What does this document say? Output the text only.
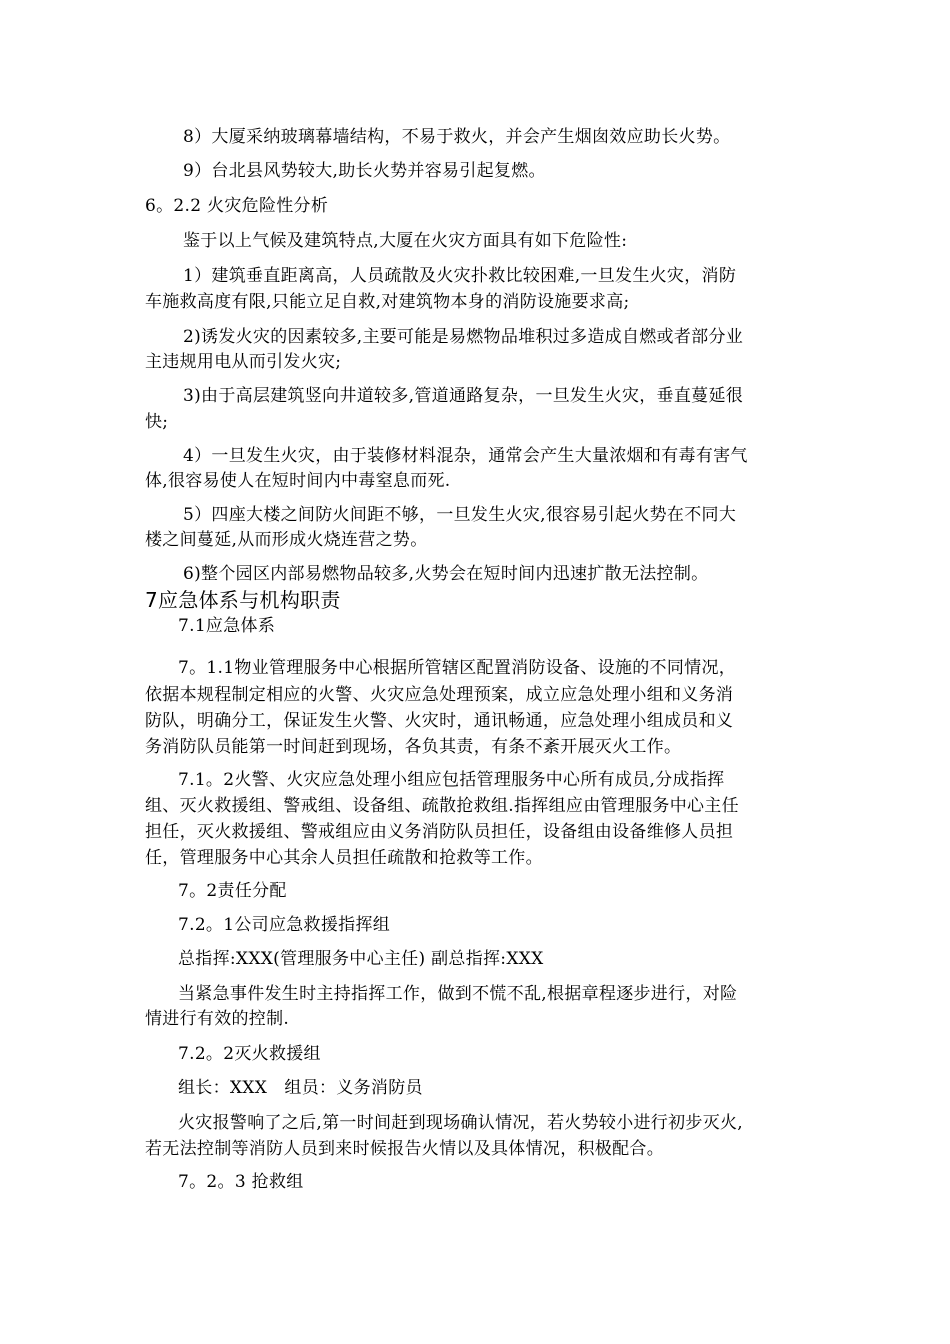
8）大厦采纳玻璃幕墙结构，不易于救火，并会产生烟囱效应助长火势。
9）台北县风势较大,助长火势并容易引起复燃。
6。2.2 火灾危险性分析
鉴于以上气候及建筑特点,大厦在火灾方面具有如下危险性:
1）建筑垂直距离高，人员疏散及火灾扑救比较困难,一旦发生火灾，消防
车施救高度有限,只能立足自救,对建筑物本身的消防设施要求高;
2)诱发火灾的因素较多,主要可能是易燃物品堆积过多造成自燃或者部分业
主违规用电从而引发火灾;
3)由于高层建筑竖向井道较多,管道通路复杂，一旦发生火灾，垂直蔓延很
快;
4）一旦发生火灾，由于装修材料混杂，通常会产生大量浓烟和有毒有害气
体,很容易使人在短时间内中毒窒息而死.
5）四座大楼之间防火间距不够，一旦发生火灾,很容易引起火势在不同大
楼之间蔓延,从而形成火烧连营之势。
6)整个园区内部易燃物品较多,火势会在短时间内迅速扩散无法控制。
7应急体系与机构职责
7.1应急体系
7。1.1物业管理服务中心根据所管辖区配置消防设备、设施的不同情况，
依据本规程制定相应的火警、火灾应急处理预案，成立应急处理小组和义务消
防队，明确分工，保证发生火警、火灾时，通讯畅通，应急处理小组成员和义
务消防队员能第一时间赶到现场，各负其责，有条不紊开展灭火工作。
7.1。2火警、火灾应急处理小组应包括管理服务中心所有成员,分成指挥
组、灭火救援组、警戒组、设备组、疏散抢救组.指挥组应由管理服务中心主任
担任，灭火救援组、警戒组应由义务消防队员担任，设备组由设备维修人员担
任，管理服务中心其余人员担任疏散和抢救等工作。
7。2责任分配
7.2。1公司应急救援指挥组
总指挥:XXX(管理服务中心主任) 副总指挥:XXX
当紧急事件发生时主持指挥工作，做到不慌不乱,根据章程逐步进行，对险
情进行有效的控制.
7.2。2灭火救援组
组长：XXX　组员：义务消防员
火灾报警响了之后,第一时间赶到现场确认情况，若火势较小进行初步灭火,
若无法控制等消防人员到来时候报告火情以及具体情况，积极配合。
7。2。3 抢救组
